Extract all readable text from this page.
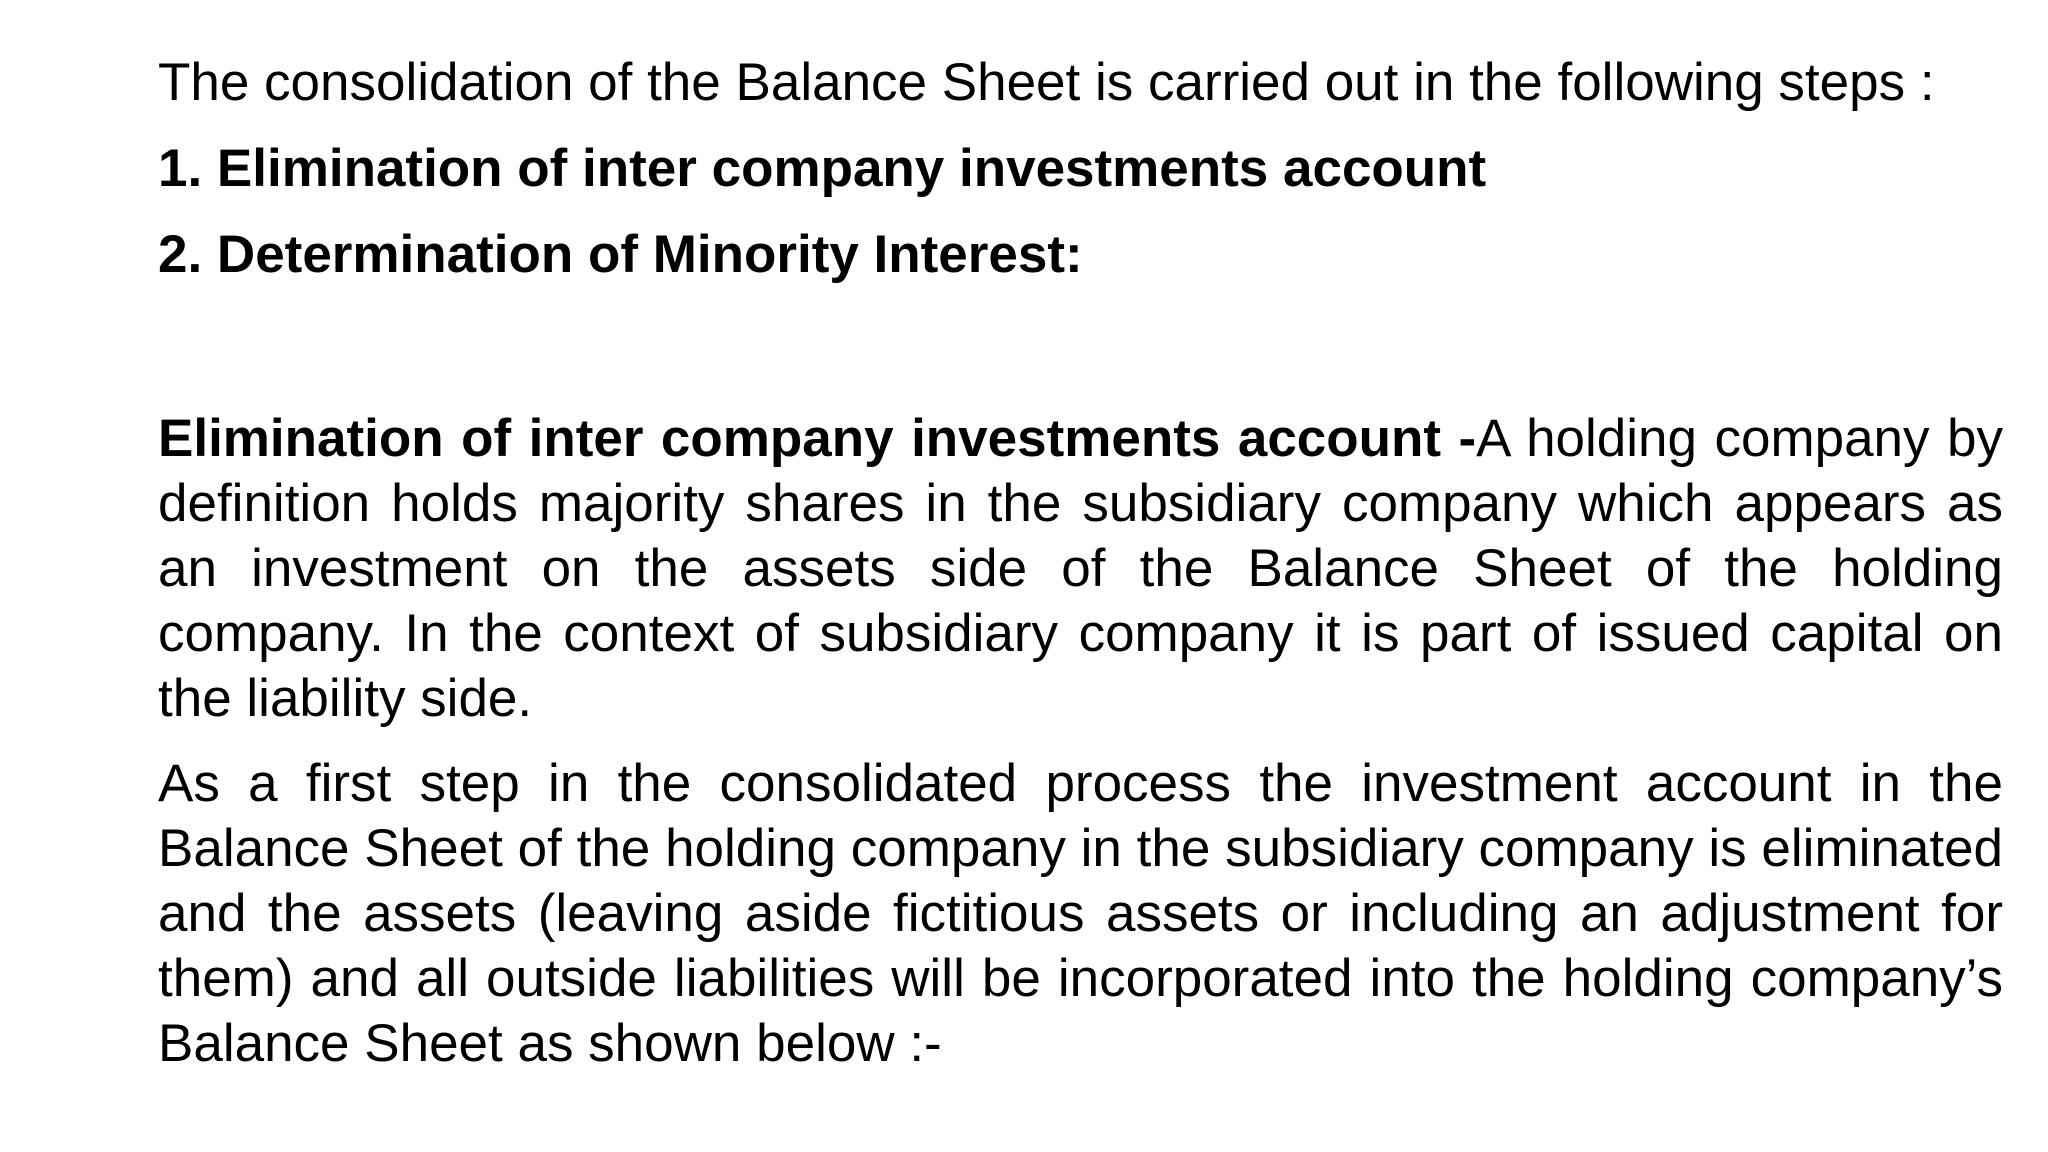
The consolidation of the Balance Sheet is carried out in the following steps :

1. Elimination of inter company investments account

2. Determination of Minority Interest:

Elimination of inter company investments account -A holding company by definition holds majority shares in the subsidiary company which appears as an investment on the assets side of the Balance Sheet of the holding company. In the context of subsidiary company it is part of issued capital on the liability side.

As a first step in the consolidated process the investment account in the Balance Sheet of the holding company in the subsidiary company is eliminated and the assets (leaving aside fictitious assets or including an adjustment for them) and all outside liabilities will be incorporated into the holding company’s Balance Sheet as shown below :-
